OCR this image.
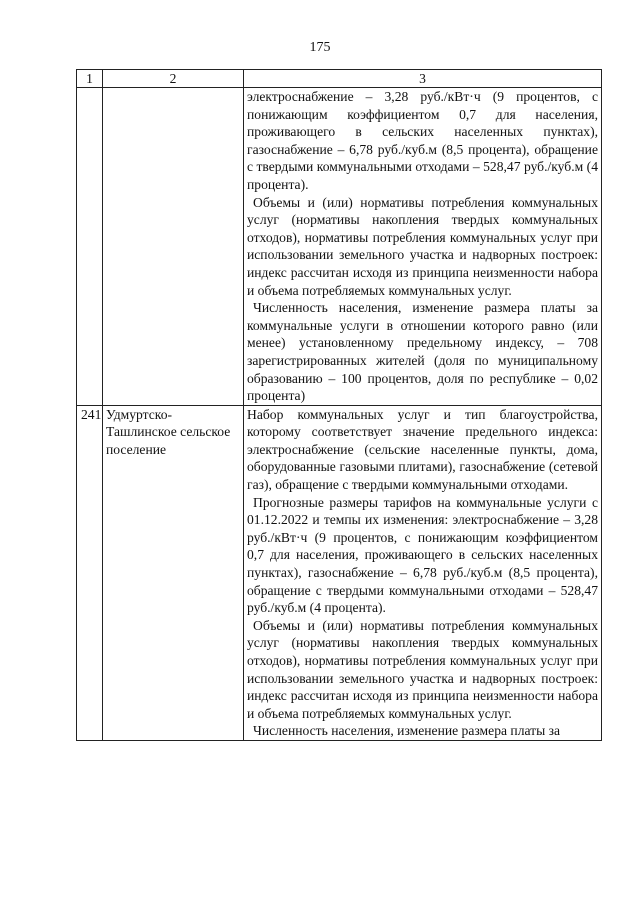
175
1	2	3

		электроснабжение – 3,28 руб./кВт·ч (9 процентов, с понижающим коэффициентом 0,7 для населения, проживающего в сельских населенных пунктах), газоснабжение – 6,78 руб./куб.м (8,5 процента), обращение с твердыми коммунальными отходами – 528,47 руб./куб.м (4 процента).

Объемы и (или) нормативы потребления коммунальных услуг (нормативы накопления твердых коммунальных отходов), нормативы потребления коммунальных услуг при использовании земельного участка и надворных построек: индекс рассчитан исходя из принципа неизменности набора и объема потребляемых коммунальных услуг.

Численность населения, изменение размера платы за коммунальные услуги в отношении которого равно (или менее) установленному предельному индексу, – 708 зарегистрированных жителей (доля по муниципальному образованию – 100 процентов, доля по республике – 0,02 процента)

241	Удмуртско-Ташлинское сельское поселение	Набор коммунальных услуг и тип благоустройства, которому соответствует значение предельного индекса: электроснабжение (сельские населенные пункты, дома, оборудованные газовыми плитами), газоснабжение (сетевой газ), обращение с твердыми коммунальными отходами.

Прогнозные размеры тарифов на коммунальные услуги с 01.12.2022 и темпы их изменения: электроснабжение – 3,28 руб./кВт·ч (9 процентов, с понижающим коэффициентом 0,7 для населения, проживающего в сельских населенных пунктах), газоснабжение – 6,78 руб./куб.м (8,5 процента), обращение с твердыми коммунальными отходами – 528,47 руб./куб.м (4 процента).

Объемы и (или) нормативы потребления коммунальных услуг (нормативы накопления твердых коммунальных отходов), нормативы потребления коммунальных услуг при использовании земельного участка и надворных построек: индекс рассчитан исходя из принципа неизменности набора и объема потребляемых коммунальных услуг.

Численность населения, изменение размера платы за
